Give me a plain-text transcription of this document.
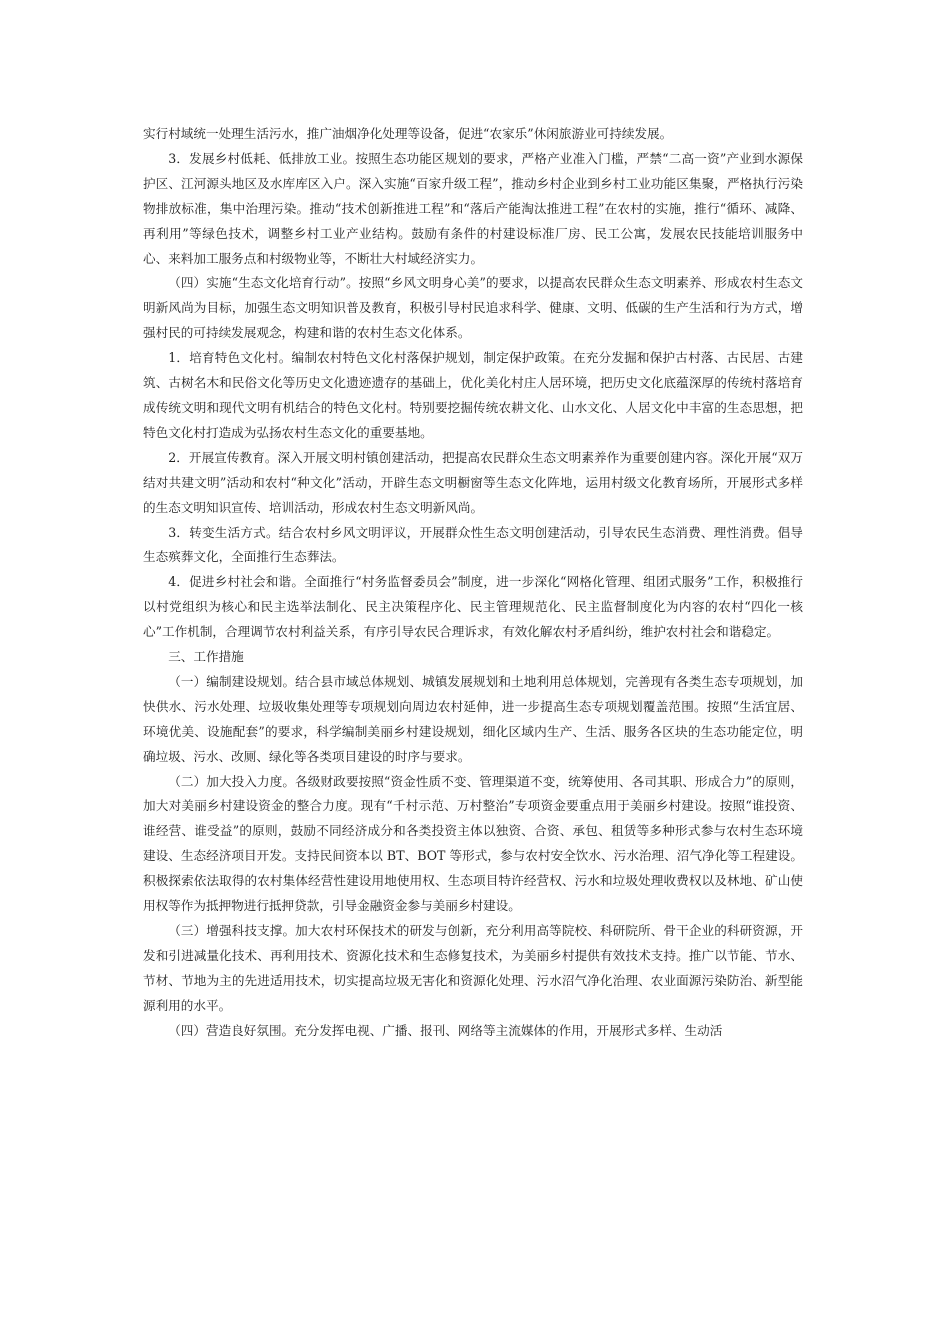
实行村域统一处理生活污水，推广油烟净化处理等设备，促进“农家乐”休闲旅游业可持续发展。

3．发展乡村低耗、低排放工业。按照生态功能区规划的要求，严格产业准入门槛，严禁“二高一资”产业到水源保护区、江河源头地区及水库库区入户。深入实施“百家升级工程”，推动乡村企业到乡村工业功能区集聚，严格执行污染物排放标准，集中治理污染。推动“技术创新推进工程”和“落后产能淘汰推进工程”在农村的实施，推行“循环、减降、再利用”等绿色技术，调整乡村工业产业结构。鼓励有条件的村建设标准厂房、民工公寓，发展农民技能培训服务中心、来料加工服务点和村级物业等，不断壮大村域经济实力。

（四）实施“生态文化培育行动”。按照“乡风文明身心美”的要求，以提高农民群众生态文明素养、形成农村生态文明新风尚为目标，加强生态文明知识普及教育，积极引导村民追求科学、健康、文明、低碳的生产生活和行为方式，增强村民的可持续发展观念，构建和谐的农村生态文化体系。

1．培育特色文化村。编制农村特色文化村落保护规划，制定保护政策。在充分发掘和保护古村落、古民居、古建筑、古树名木和民俗文化等历史文化遗迹遗存的基础上，优化美化村庄人居环境，把历史文化底蕴深厚的传统村落培育成传统文明和现代文明有机结合的特色文化村。特别要挖掘传统农耕文化、山水文化、人居文化中丰富的生态思想，把特色文化村打造成为弘扬农村生态文化的重要基地。

2．开展宣传教育。深入开展文明村镇创建活动，把提高农民群众生态文明素养作为重要创建内容。深化开展“双万结对共建文明”活动和农村“种文化”活动，开辟生态文明橱窗等生态文化阵地，运用村级文化教育场所，开展形式多样的生态文明知识宣传、培训活动，形成农村生态文明新风尚。

3．转变生活方式。结合农村乡风文明评议，开展群众性生态文明创建活动，引导农民生态消费、理性消费。倡导生态殡葬文化，全面推行生态葬法。

4．促进乡村社会和谐。全面推行“村务监督委员会”制度，进一步深化“网格化管理、组团式服务”工作，积极推行以村党组织为核心和民主选举法制化、民主决策程序化、民主管理规范化、民主监督制度化为内容的农村“四化一核心”工作机制，合理调节农村利益关系，有序引导农民合理诉求，有效化解农村矛盾纠纷，维护农村社会和谐稳定。

三、工作措施

（一）编制建设规划。结合县市域总体规划、城镇发展规划和土地利用总体规划，完善现有各类生态专项规划，加快供水、污水处理、垃圾收集处理等专项规划向周边农村延伸，进一步提高生态专项规划覆盖范围。按照“生活宜居、环境优美、设施配套”的要求，科学编制美丽乡村建设规划，细化区域内生产、生活、服务各区块的生态功能定位，明确垃圾、污水、改厕、绿化等各类项目建设的时序与要求。

（二）加大投入力度。各级财政要按照“资金性质不变、管理渠道不变，统筹使用、各司其职、形成合力”的原则，加大对美丽乡村建设资金的整合力度。现有“千村示范、万村整治”专项资金要重点用于美丽乡村建设。按照“谁投资、谁经营、谁受益”的原则，鼓励不同经济成分和各类投资主体以独资、合资、承包、租赁等多种形式参与农村生态环境建设、生态经济项目开发。支持民间资本以 BT、BOT 等形式，参与农村安全饮水、污水治理、沼气净化等工程建设。积极探索依法取得的农村集体经营性建设用地使用权、生态项目特许经营权、污水和垃圾处理收费权以及林地、矿山使用权等作为抵押物进行抵押贷款，引导金融资金参与美丽乡村建设。

（三）增强科技支撑。加大农村环保技术的研发与创新，充分利用高等院校、科研院所、骨干企业的科研资源，开发和引进减量化技术、再利用技术、资源化技术和生态修复技术，为美丽乡村提供有效技术支持。推广以节能、节水、节材、节地为主的先进适用技术，切实提高垃圾无害化和资源化处理、污水沼气净化治理、农业面源污染防治、新型能源利用的水平。

（四）营造良好氛围。充分发挥电视、广播、报刊、网络等主流媒体的作用，开展形式多样、生动活
